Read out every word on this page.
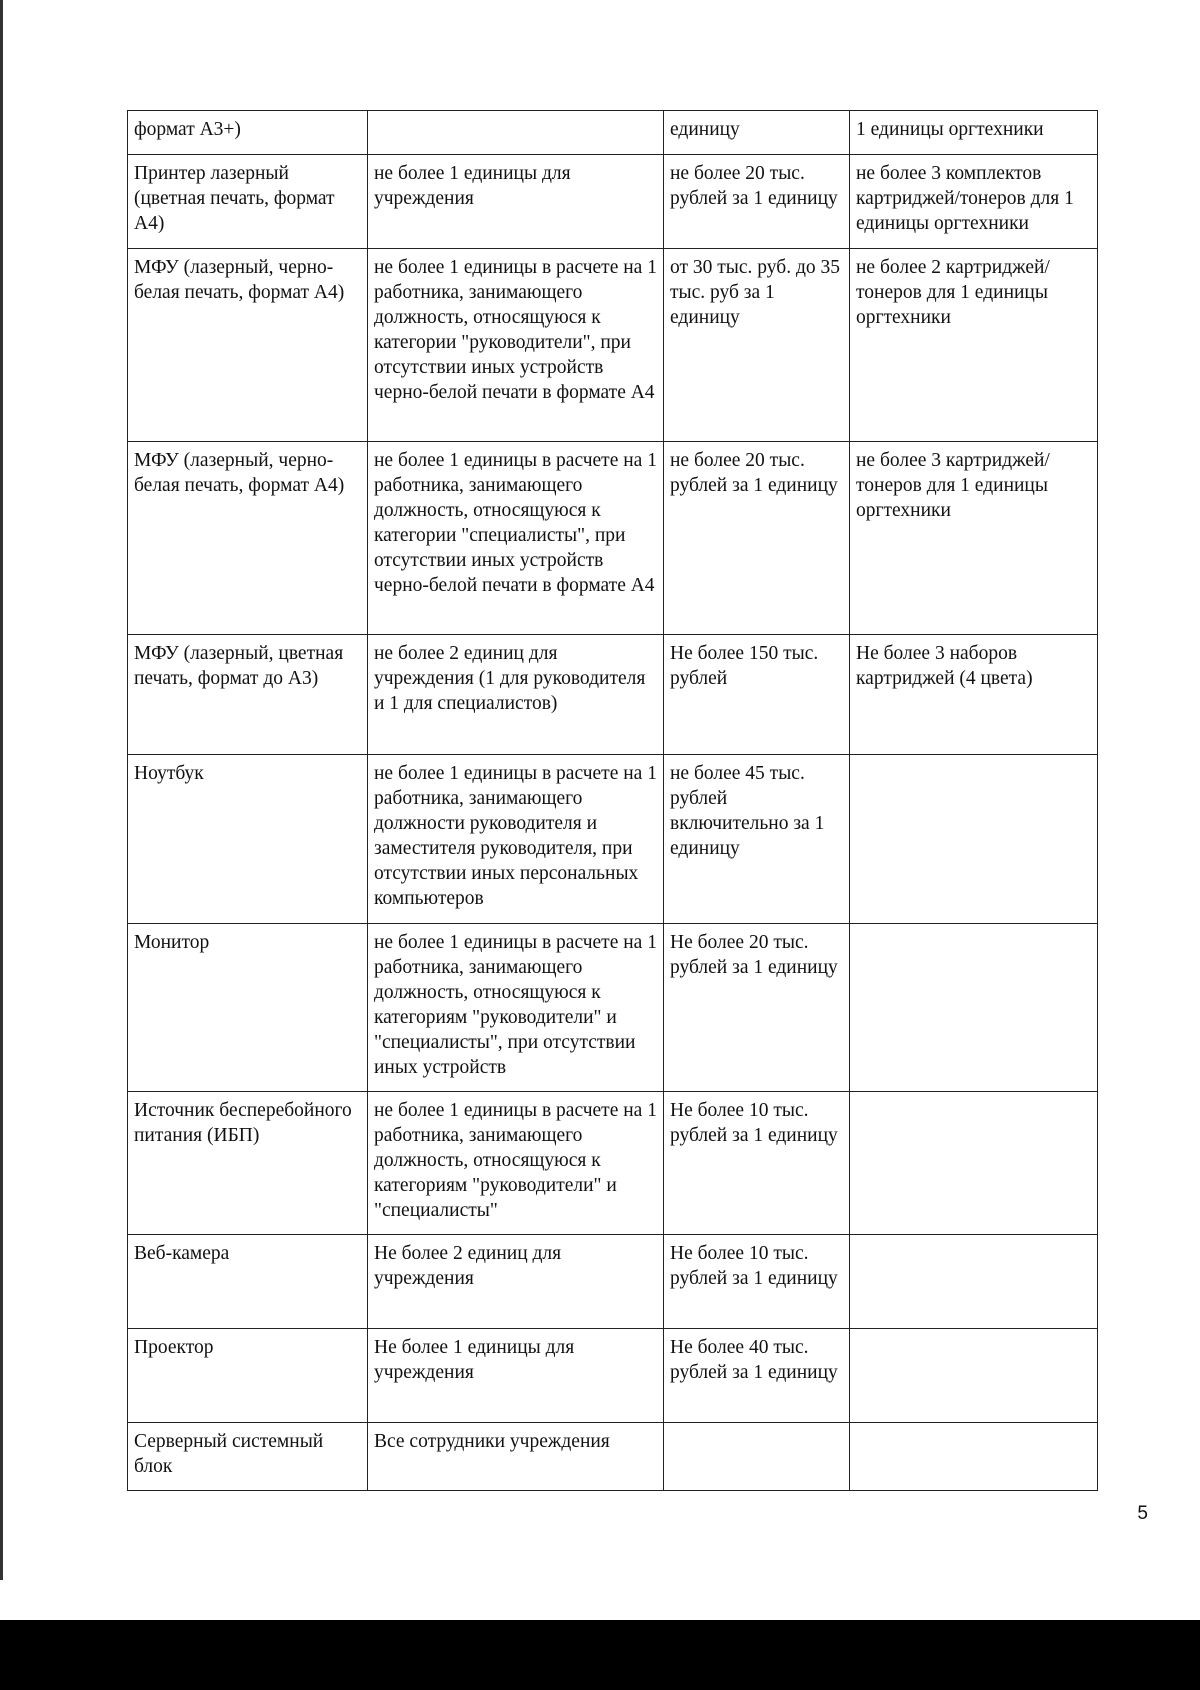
формат А3+)		единицу	1 единицы оргтехники
Принтер лазерный (цветная печать, формат А4)	не более 1 единицы для учреждения	не более 20 тыс. рублей за 1 единицу	не более 3 комплектов картриджей/тонеров для 1 единицы оргтехники
МФУ (лазерный, черно-белая печать, формат А4)	не более 1 единицы в расчете на 1 работника, занимающего должность, относящуюся к категории "руководители", при отсутствии иных устройств черно-белой печати в формате А4	от 30 тыс. руб. до 35 тыс. руб за 1 единицу	не более 2 картриджей/тонеров для 1 единицы оргтехники
МФУ (лазерный, черно-белая печать, формат А4)	не более 1 единицы в расчете на 1 работника, занимающего должность, относящуюся к категории "специалисты", при отсутствии иных устройств черно-белой печати в формате А4	не более 20 тыс. рублей за 1 единицу	не более 3 картриджей/тонеров для 1 единицы оргтехники
МФУ (лазерный, цветная печать, формат до А3)	не более 2 единиц для учреждения (1 для руководителя и 1 для специалистов)	Не более 150 тыс. рублей	Не более 3 наборов картриджей (4 цвета)
Ноутбук	не более 1 единицы в расчете на 1 работника, занимающего должности руководителя и заместителя руководителя, при отсутствии иных персональных компьютеров	не более 45 тыс. рублей включительно за 1 единицу	
Монитор	не более 1 единицы в расчете на 1 работника, занимающего должность, относящуюся к категориям "руководители" и "специалисты", при отсутствии иных устройств	Не более 20 тыс. рублей за 1 единицу	
Источник бесперебойного питания (ИБП)	не более 1 единицы в расчете на 1 работника, занимающего должность, относящуюся к категориям "руководители" и "специалисты"	Не более 10 тыс. рублей за 1 единицу	
Веб-камера	Не более 2 единиц для учреждения	Не более 10 тыс. рублей за 1 единицу	
Проектор	Не более 1 единицы для учреждения	Не более 40 тыс. рублей за 1 единицу	
Серверный системный блок	Все сотрудники учреждения		
5
